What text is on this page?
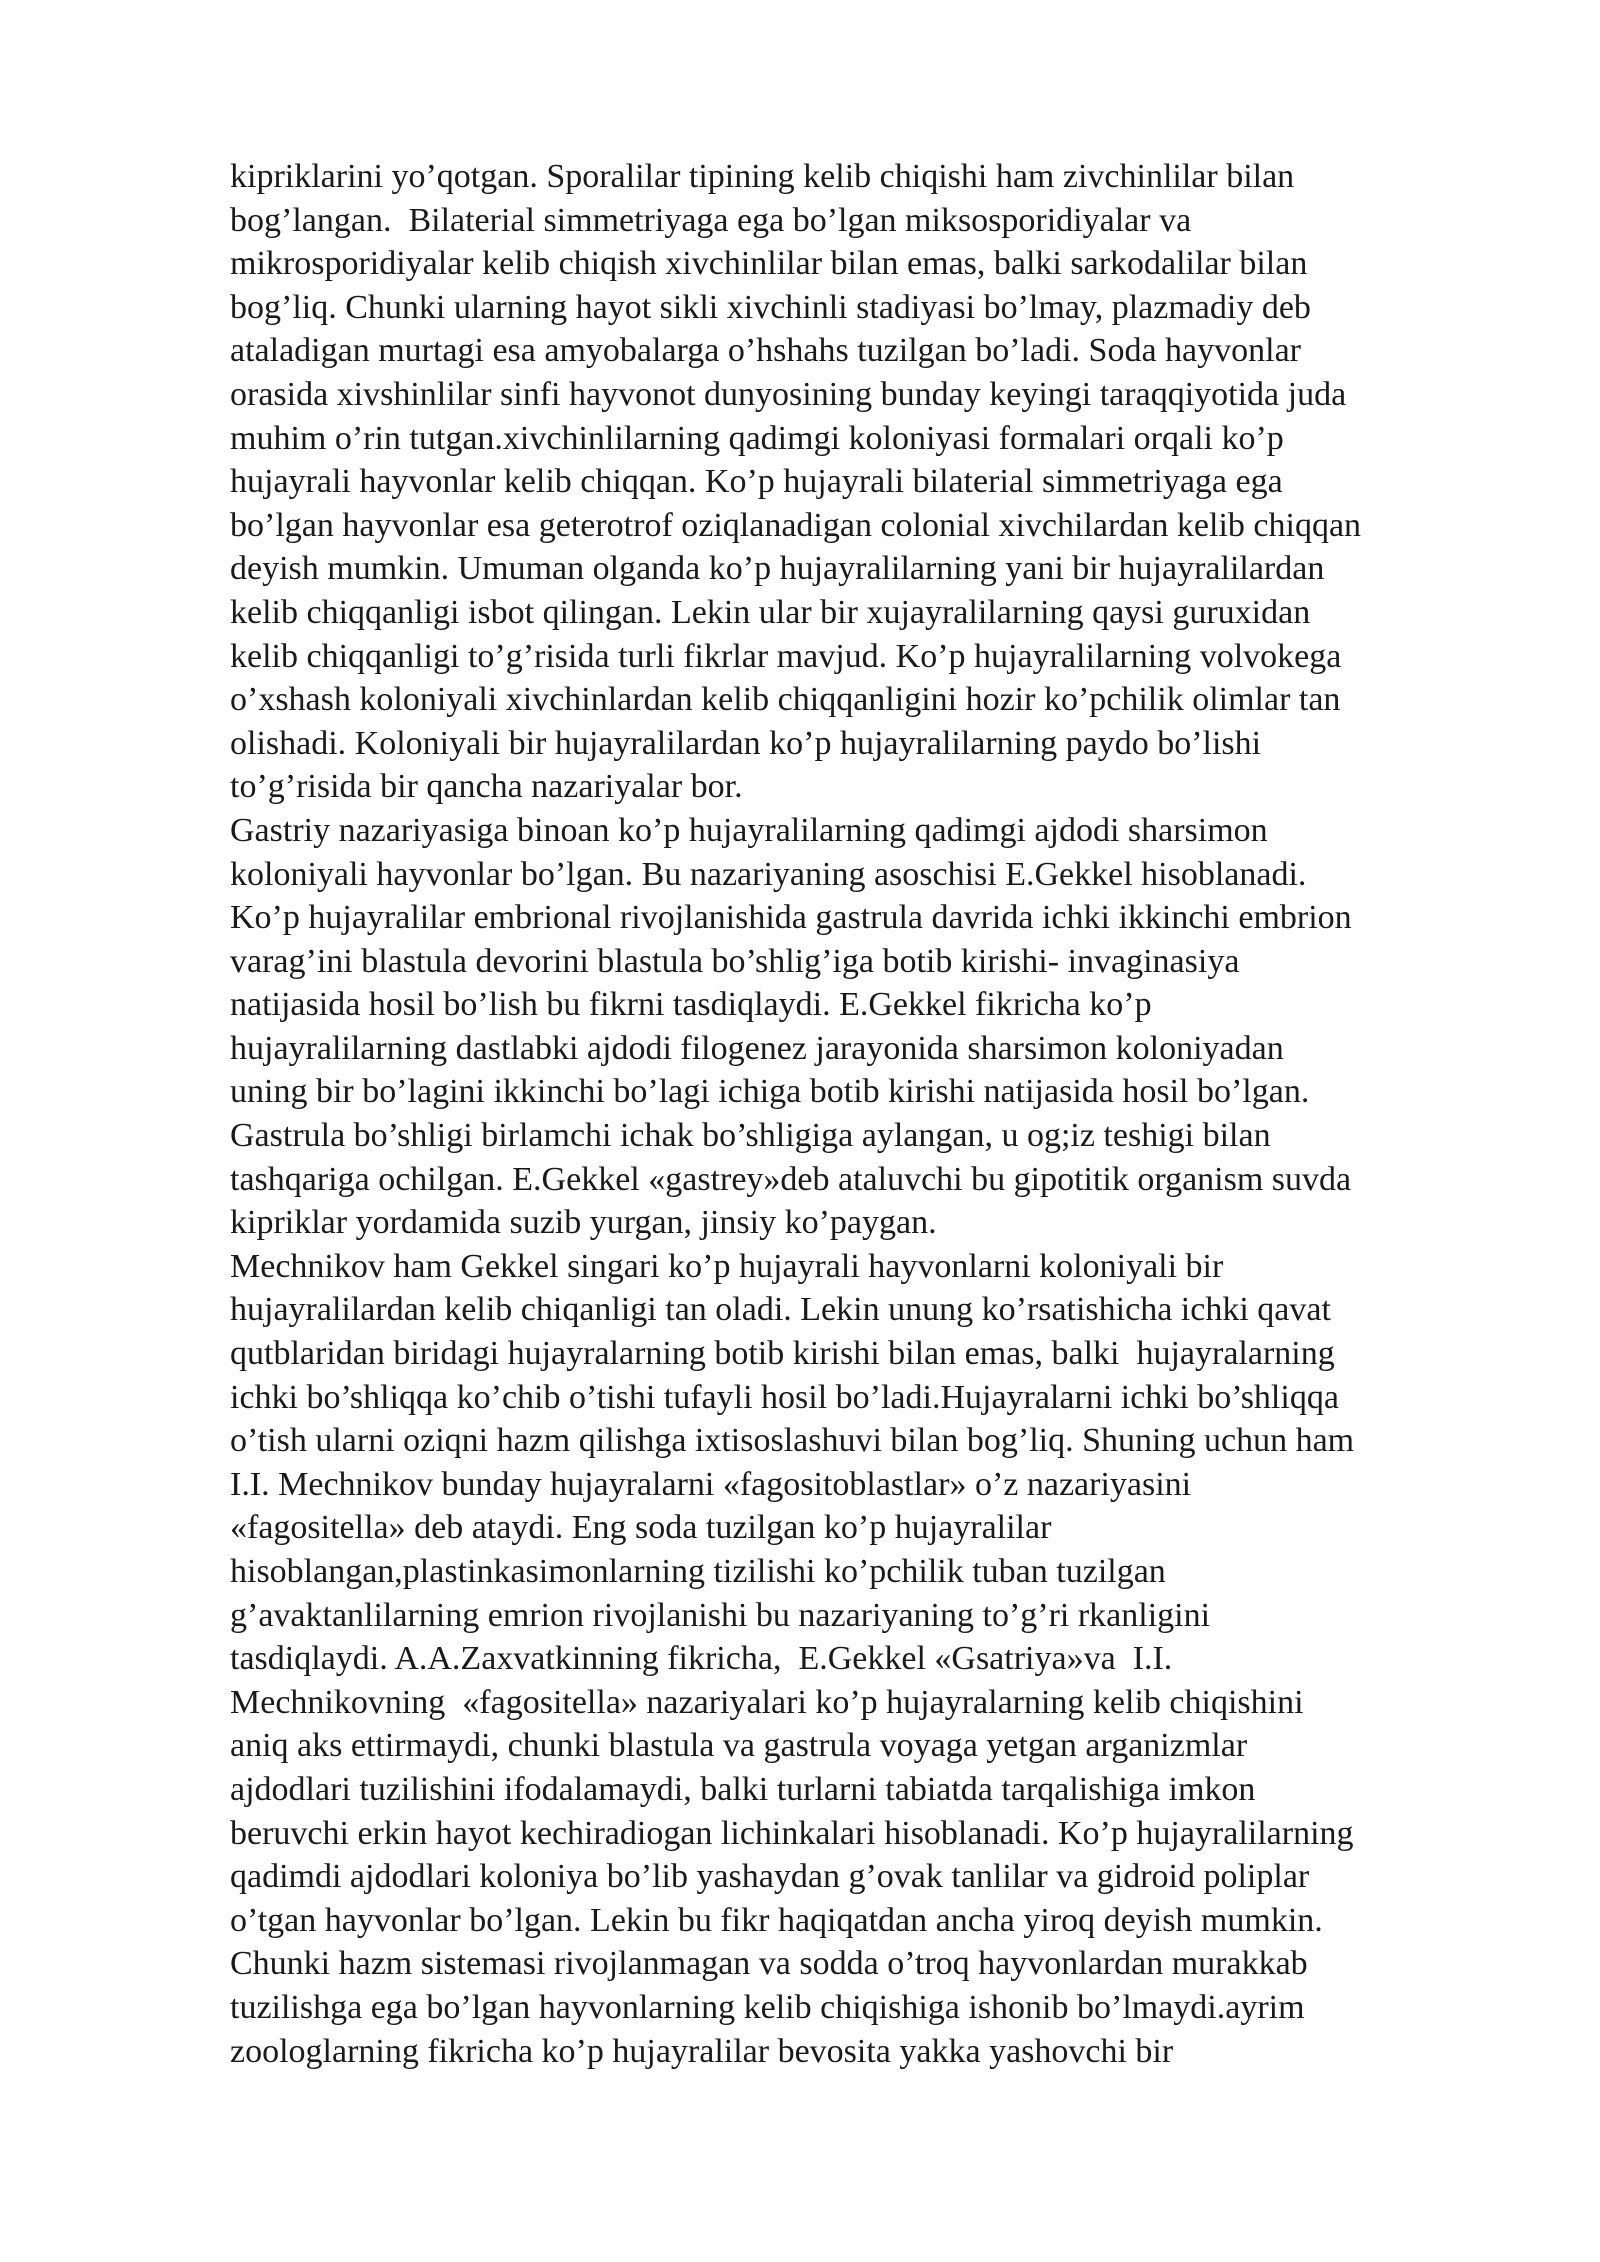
kipriklarini yo’qotgan. Sporalilar tipining kelib chiqishi ham zivchinlilar bilan
bog’langan.  Bilaterial simmetriyaga ega bo’lgan miksosporidiyalar va
mikrosporidiyalar kelib chiqish xivchinlilar bilan emas, balki sarkodalilar bilan
bog’liq. Chunki ularning hayot sikli xivchinli stadiyasi bo’lmay, plazmadiy deb
ataladigan murtagi esa amyobalarga o’hshahs tuzilgan bo’ladi. Soda hayvonlar
orasida xivshinlilar sinfi hayvonot dunyosining bunday keyingi taraqqiyotida juda
muhim o’rin tutgan.xivchinlilarning qadimgi koloniyasi formalari orqali ko’p
hujayrali hayvonlar kelib chiqqan. Ko’p hujayrali bilaterial simmetriyaga ega
bo’lgan hayvonlar esa geterotrof oziqlanadigan colonial xivchilardan kelib chiqqan
deyish mumkin. Umuman olganda ko’p hujayralilarning yani bir hujayralilardan
kelib chiqqanligi isbot qilingan. Lekin ular bir xujayralilarning qaysi guruxidan
kelib chiqqanligi to’g’risida turli fikrlar mavjud. Ko’p hujayralilarning volvokega
o’xshash koloniyali xivchinlardan kelib chiqqanligini hozir ko’pchilik olimlar tan
olishadi. Koloniyali bir hujayralilardan ko’p hujayralilarning paydo bo’lishi
to’g’risida bir qancha nazariyalar bor.
Gastriy nazariyasiga binoan ko’p hujayralilarning qadimgi ajdodi sharsimon
koloniyali hayvonlar bo’lgan. Bu nazariyaning asoschisi E.Gekkel hisoblanadi.
Ko’p hujayralilar embrional rivojlanishida gastrula davrida ichki ikkinchi embrion
varag’ini blastula devorini blastula bo’shlig’iga botib kirishi- invaginasiya
natijasida hosil bo’lish bu fikrni tasdiqlaydi. E.Gekkel fikricha ko’p
hujayralilarning dastlabki ajdodi filogenez jarayonida sharsimon koloniyadan
uning bir bo’lagini ikkinchi bo’lagi ichiga botib kirishi natijasida hosil bo’lgan.
Gastrula bo’shligi birlamchi ichak bo’shligiga aylangan, u og;iz teshigi bilan
tashqariga ochilgan. E.Gekkel «gastrey»deb ataluvchi bu gipotitik organism suvda
kipriklar yordamida suzib yurgan, jinsiy ko’paygan.
Mechnikov ham Gekkel singari ko’p hujayrali hayvonlarni koloniyali bir
hujayralilardan kelib chiqanligi tan oladi. Lekin unung ko’rsatishicha ichki qavat
qutblaridan biridagi hujayralarning botib kirishi bilan emas, balki  hujayralarning
ichki bo’shliqqa ko’chib o’tishi tufayli hosil bo’ladi.Hujayralarni ichki bo’shliqqa
o’tish ularni oziqni hazm qilishga ixtisoslashuvi bilan bog’liq. Shuning uchun ham
I.I. Mechnikov bunday hujayralarni «fagositoblastlar» o’z nazariyasini
«fagositella» deb ataydi. Eng soda tuzilgan ko’p hujayralilar
hisoblangan,plastinkasimonlarning tizilishi ko’pchilik tuban tuzilgan
g’avaktanlilarning emrion rivojlanishi bu nazariyaning to’g’ri rkanligini
tasdiqlaydi. A.A.Zaxvatkinning fikricha,  E.Gekkel «Gsatriya»va  I.I.
Mechnikovning  «fagositella» nazariyalari ko’p hujayralarning kelib chiqishini
aniq aks ettirmaydi, chunki blastula va gastrula voyaga yetgan arganizmlar
ajdodlari tuzilishini ifodalamaydi, balki turlarni tabiatda tarqalishiga imkon
beruvchi erkin hayot kechiradiogan lichinkalari hisoblanadi. Ko’p hujayralilarning
qadimdi ajdodlari koloniya bo’lib yashaydan g’ovak tanlilar va gidroid poliplar
o’tgan hayvonlar bo’lgan. Lekin bu fikr haqiqatdan ancha yiroq deyish mumkin.
Chunki hazm sistemasi rivojlanmagan va sodda o’troq hayvonlardan murakkab
tuzilishga ega bo’lgan hayvonlarning kelib chiqishiga ishonib bo’lmaydi.ayrim
zoologlarning fikricha ko’p hujayralilar bevosita yakka yashovchi bir
